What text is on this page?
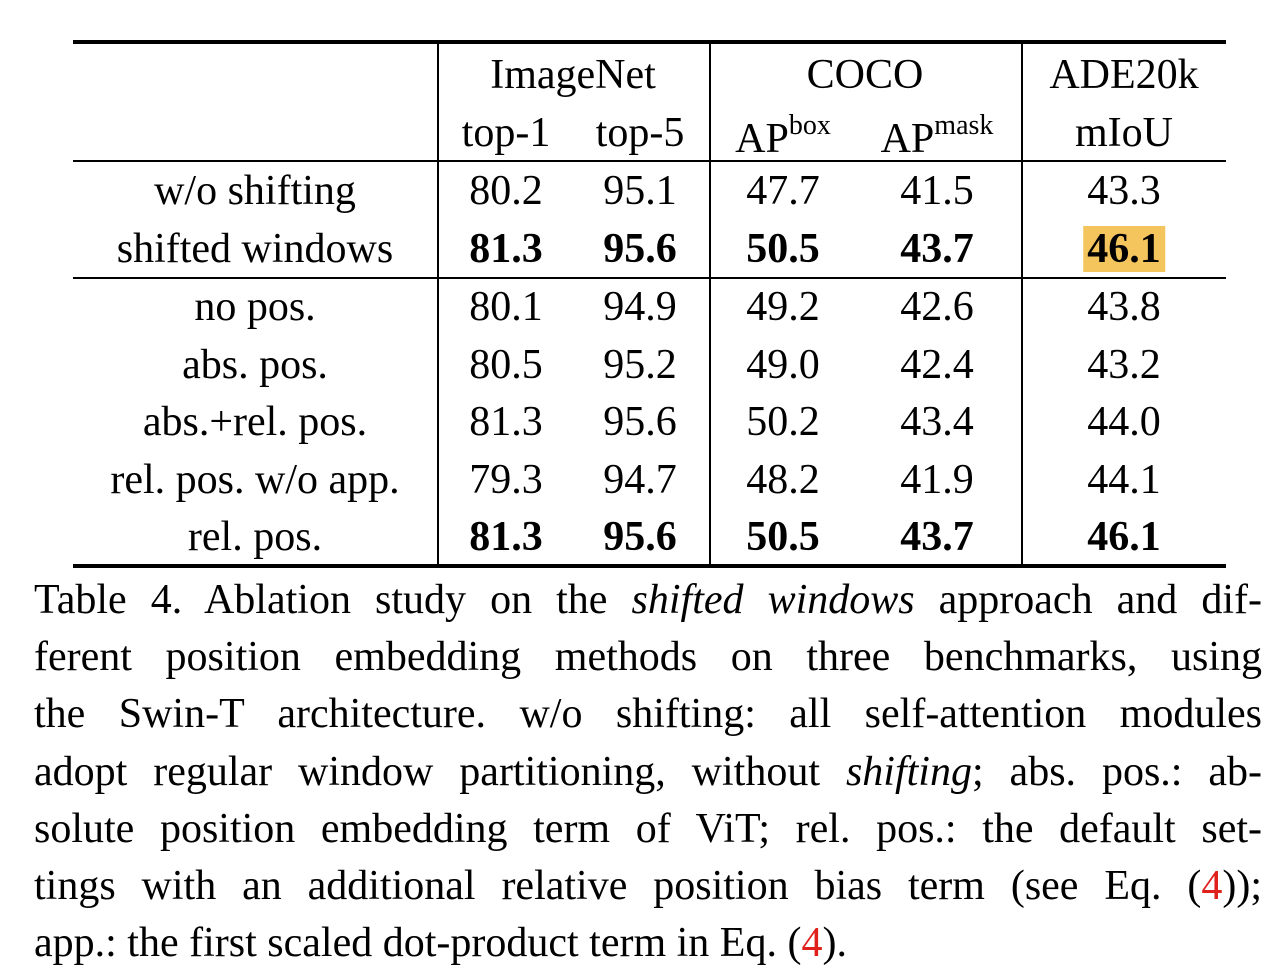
ImageNet	COCO	ADE20k
top-1 top-5 $AP^{box}$ $AP^{mask}$ mIoU
w/o shifting	80.2 95.1 47.7 41.5	43.3
shifted windows 81.3 95.6 50.5 43.7	46.1
no pos.	80.1 94.9 49.2 42.6	43.8
abs. pos.	80.5 95.2 49.0 42.4	43.2
abs.+rel. pos. 81.3 95.6 50.2 43.4	44.0
rel. pos. w/o app. 79.3 94.7 48.2 41.9	44.1
rel. pos.	81.3 95.6 50.5 43.7	46.1
Table 4. Ablation study on the shifted windows approach and dif-
ferent position embedding methods on three benchmarks, using
the Swin-T architecture. w/o shifting: all self-attention modules
adopt regular window partitioning, without shifting; abs. pos.: ab-
solute position embedding term of ViT; rel. pos.: the default set-
tings with an additional relative position bias term (see Eq. (4));
app.: the first scaled dot-product term in Eq. (4).
